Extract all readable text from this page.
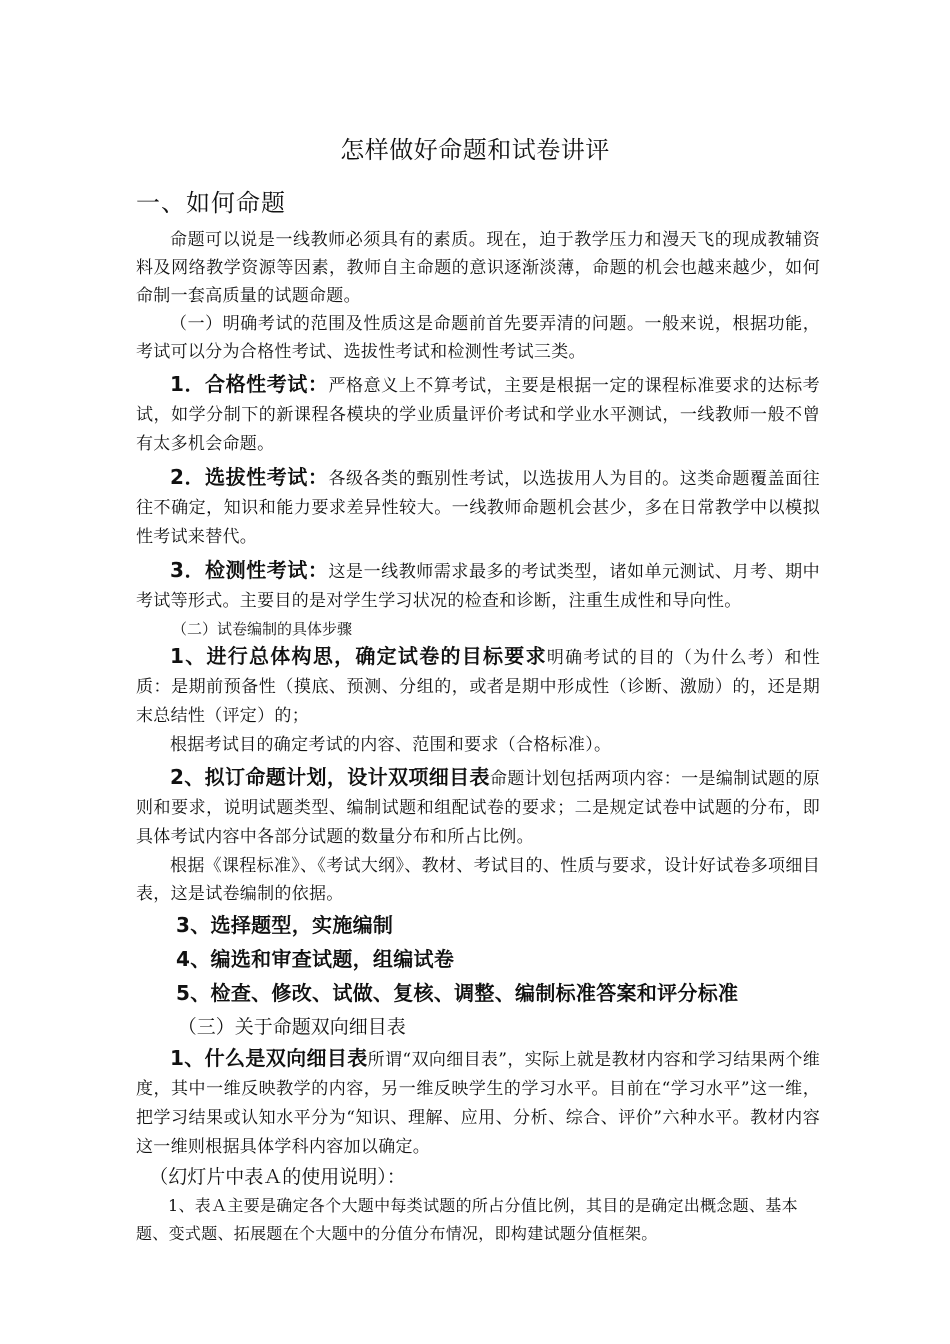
怎样做好命题和试卷讲评
一、如何命题

命题可以说是一线教师必须具有的素质。现在，迫于教学压力和漫天飞的现成教辅资料及网络教学资源等因素，教师自主命题的意识逐渐淡薄，命题的机会也越来越少，如何命制一套高质量的试题命题。

（一）明确考试的范围及性质这是命题前首先要弄清的问题。一般来说，根据功能，考试可以分为合格性考试、选拔性考试和检测性考试三类。

1．合格性考试：严格意义上不算考试，主要是根据一定的课程标准要求的达标考试，如学分制下的新课程各模块的学业质量评价考试和学业水平测试，一线教师一般不曾有太多机会命题。

2．选拔性考试：各级各类的甄别性考试，以选拔用人为目的。这类命题覆盖面往往不确定，知识和能力要求差异性较大。一线教师命题机会甚少，多在日常教学中以模拟性考试来替代。

3．检测性考试：这是一线教师需求最多的考试类型，诸如单元测试、月考、期中考试等形式。主要目的是对学生学习状况的检查和诊断，注重生成性和导向性。

（二）试卷编制的具体步骤

1、进行总体构思，确定试卷的目标要求明确考试的目的（为什么考）和性质：是期前预备性（摸底、预测、分组的，或者是期中形成性（诊断、激励）的，还是期末总结性（评定）的；

根据考试目的确定考试的内容、范围和要求（合格标准）。

2、拟订命题计划，设计双项细目表命题计划包括两项内容：一是编制试题的原则和要求，说明试题类型、编制试题和组配试卷的要求；二是规定试卷中试题的分布，即具体考试内容中各部分试题的数量分布和所占比例。

根据《课程标准》、《考试大纲》、教材、考试目的、性质与要求，设计好试卷多项细目表，这是试卷编制的依据。

3、选择题型，实施编制

4、编选和审查试题，组编试卷

5、检查、修改、试做、复核、调整、编制标准答案和评分标准

（三）关于命题双向细目表

1、什么是双向细目表所谓“双向细目表”，实际上就是教材内容和学习结果两个维度，其中一维反映教学的内容，另一维反映学生的学习水平。目前在“学习水平”这一维，把学习结果或认知水平分为“知识、理解、应用、分析、综合、评价”六种水平。教材内容这一维则根据具体学科内容加以确定。

（幻灯片中表Ａ的使用说明）：

1、表Ａ主要是确定各个大题中每类试题的所占分值比例，其目的是确定出概念题、基本题、变式题、拓展题在个大题中的分值分布情况，即构建试题分值框架。
